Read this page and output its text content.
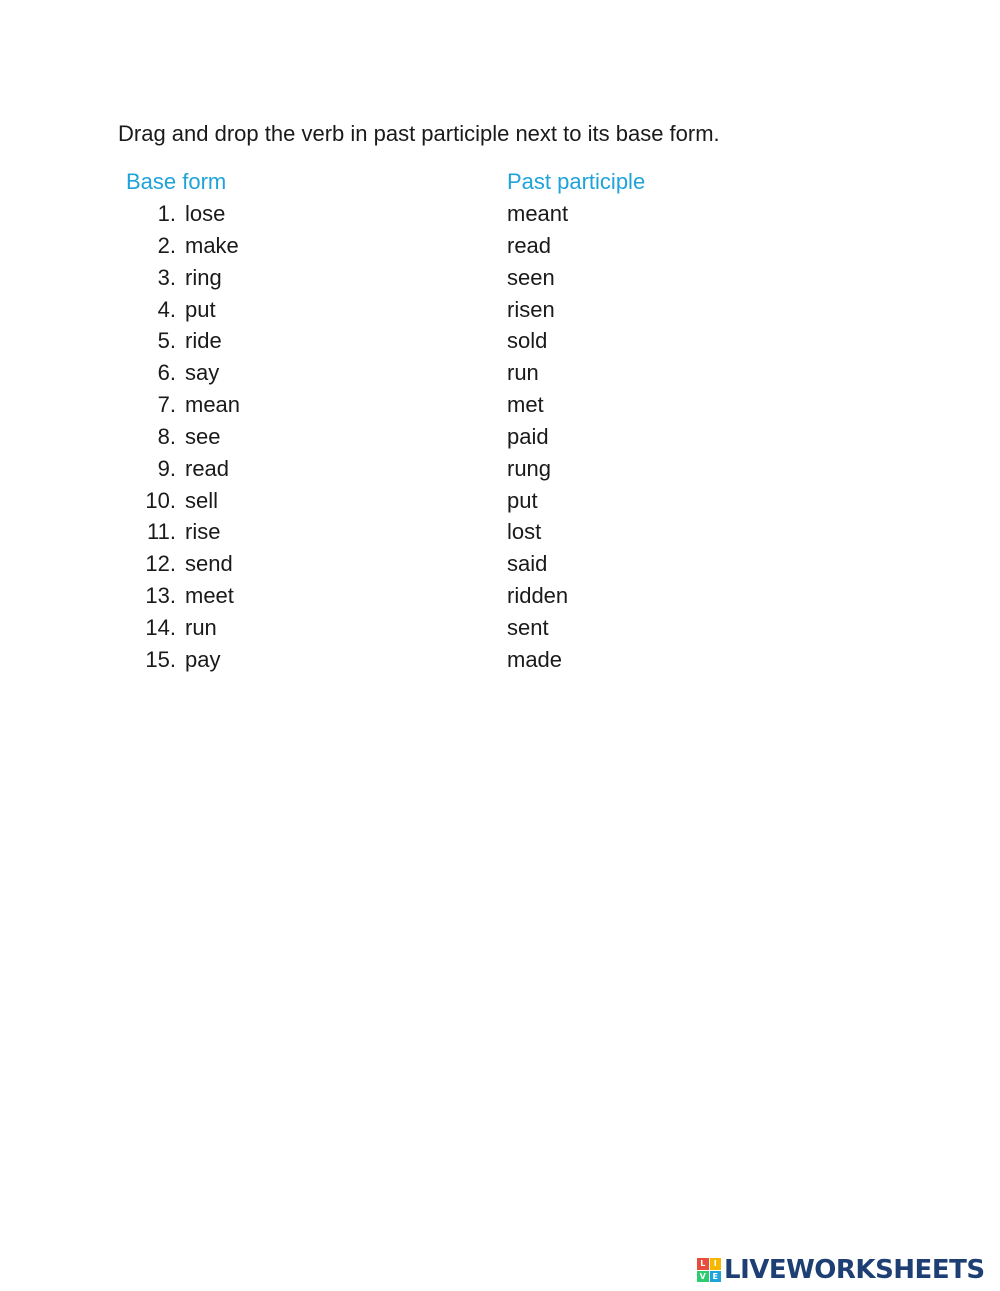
Drag and drop the verb in past participle next to its base form.
Base form	Past participle
1. lose
2. make
3. ring
4. put
5. ride
6. say
7. mean
8. see
9. read
10. sell
11. rise
12. send
13. meet
14. run
15. pay
meant
read
seen
risen
sold
run
met
paid
rung
put
lost
said
ridden
sent
made
L	I
V E LIVEWORKSHEETS
